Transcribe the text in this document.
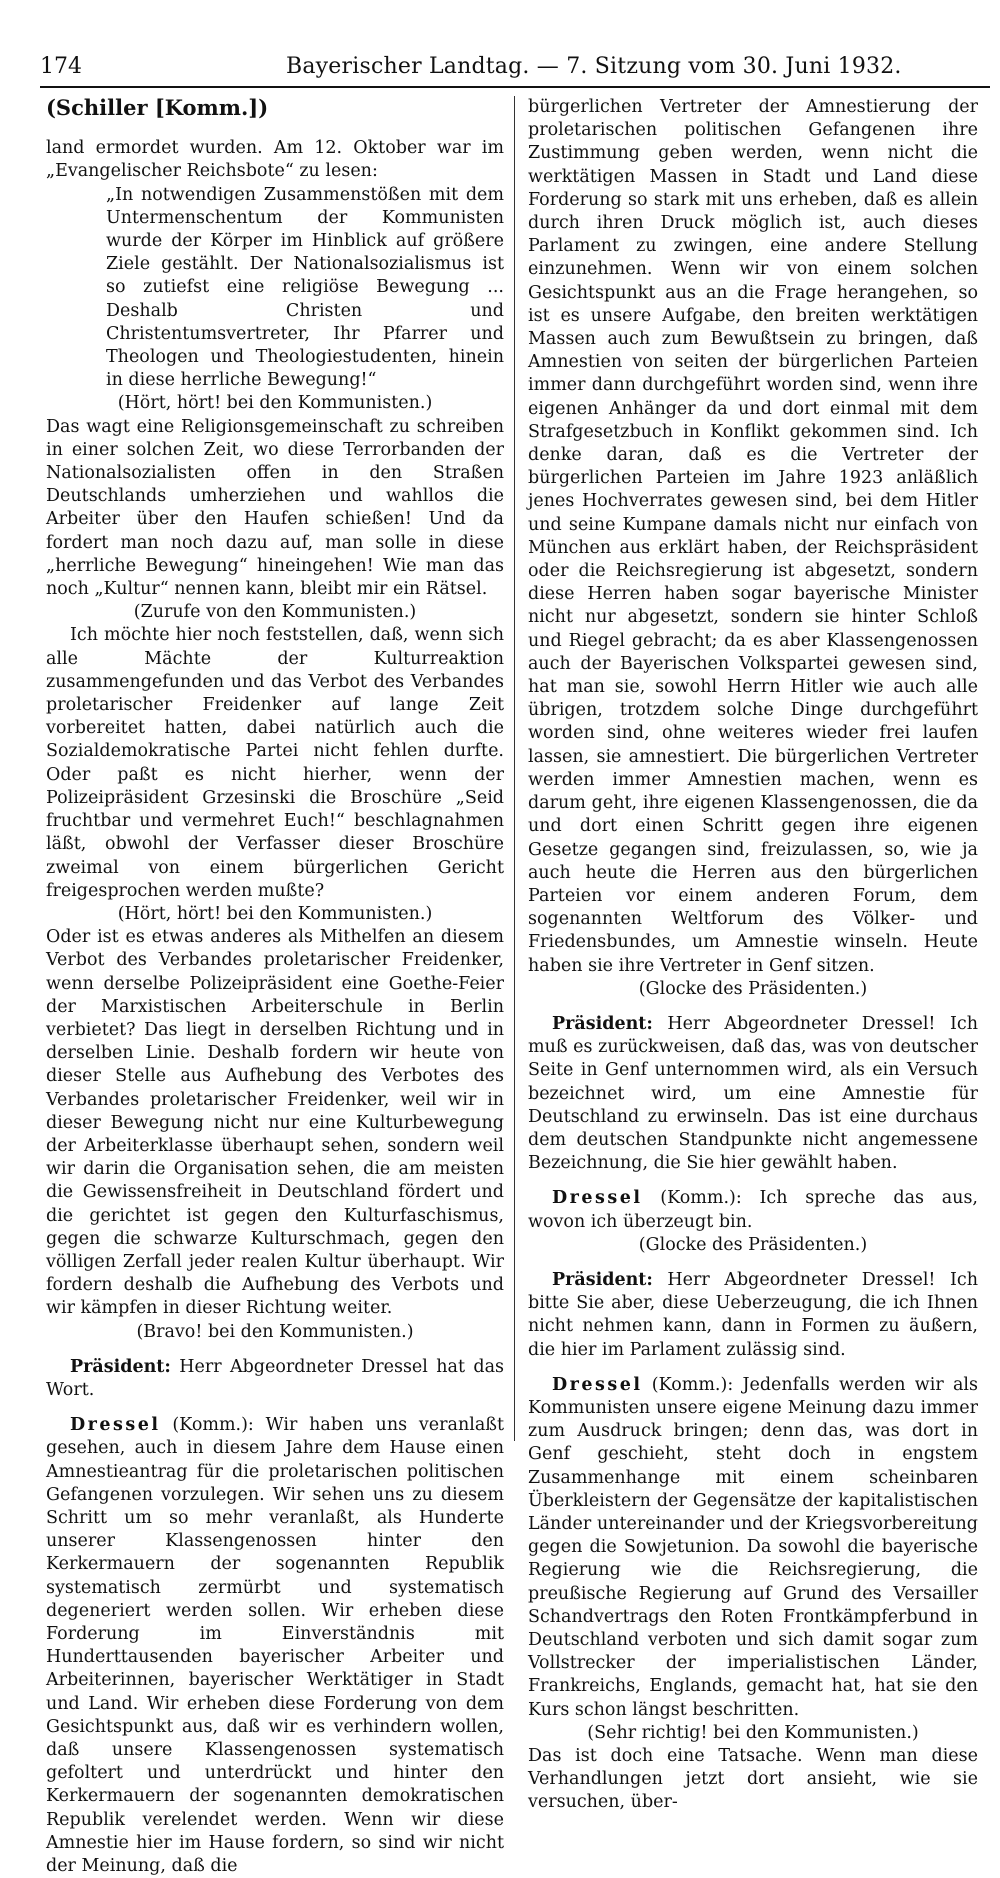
174	Bayerischer Landtag. — 7. Sitzung vom 30. Juni 1932.

(Schiller [Komm.])

land ermordet wurden. Am 12. Oktober war im „Evangelischer Reichsbote“ zu lesen:

„In notwendigen Zusammenstößen mit dem Untermenschentum der Kommunisten wurde der Körper im Hinblick auf größere Ziele gestählt. Der Nationalsozialismus ist so zutiefst eine religiöse Bewegung ... Deshalb Christen und Christentumsvertreter, Ihr Pfarrer und Theologen und Theologiestudenten, hinein in diese herrliche Bewegung!“

(Hört, hört! bei den Kommunisten.)

Das wagt eine Religionsgemeinschaft zu schreiben in einer solchen Zeit, wo diese Terrorbanden der Nationalsozialisten offen in den Straßen Deutschlands umherziehen und wahllos die Arbeiter über den Haufen schießen! Und da fordert man noch dazu auf, man solle in diese „herrliche Bewegung“ hineingehen! Wie man das noch „Kultur“ nennen kann, bleibt mir ein Rätsel.

(Zurufe von den Kommunisten.)

Ich möchte hier noch feststellen, daß, wenn sich alle Mächte der Kulturreaktion zusammengefunden und das Verbot des Verbandes proletarischer Freidenker auf lange Zeit vorbereitet hatten, dabei natürlich auch die Sozialdemokratische Partei nicht fehlen durfte. Oder paßt es nicht hierher, wenn der Polizeipräsident Grzesinski die Broschüre „Seid fruchtbar und vermehret Euch!“ beschlagnahmen läßt, obwohl der Verfasser dieser Broschüre zweimal von einem bürgerlichen Gericht freigesprochen werden mußte?

(Hört, hört! bei den Kommunisten.)

Oder ist es etwas anderes als Mithelfen an diesem Verbot des Verbandes proletarischer Freidenker, wenn derselbe Polizeipräsident eine Goethe-Feier der Marxistischen Arbeiterschule in Berlin verbietet? Das liegt in derselben Richtung und in derselben Linie. Deshalb fordern wir heute von dieser Stelle aus Aufhebung des Verbotes des Verbandes proletarischer Freidenker, weil wir in dieser Bewegung nicht nur eine Kulturbewegung der Arbeiterklasse überhaupt sehen, sondern weil wir darin die Organisation sehen, die am meisten die Gewissensfreiheit in Deutschland fördert und die gerichtet ist gegen den Kulturfaschismus, gegen die schwarze Kulturschmach, gegen den völligen Zerfall jeder realen Kultur überhaupt. Wir fordern deshalb die Aufhebung des Verbots und wir kämpfen in dieser Richtung weiter.

(Bravo! bei den Kommunisten.)

Präsident: Herr Abgeordneter Dressel hat das Wort.

Dressel (Komm.): Wir haben uns veranlaßt gesehen, auch in diesem Jahre dem Hause einen Amnestieantrag für die proletarischen politischen Gefangenen vorzulegen. Wir sehen uns zu diesem Schritt um so mehr veranlaßt, als Hunderte unserer Klassengenossen hinter den Kerkermauern der sogenannten Republik systematisch zermürbt und systematisch degeneriert werden sollen. Wir erheben diese Forderung im Einverständnis mit Hunderttausenden bayerischer Arbeiter und Arbeiterinnen, bayerischer Werktätiger in Stadt und Land. Wir erheben diese Forderung von dem Gesichtspunkt aus, daß wir es verhindern wollen, daß unsere Klassengenossen systematisch gefoltert und unterdrückt und hinter den Kerkermauern der sogenannten demokratischen Republik verelendet werden. Wenn wir diese Amnestie hier im Hause fordern, so sind wir nicht der Meinung, daß die

bürgerlichen Vertreter der Amnestierung der proletarischen politischen Gefangenen ihre Zustimmung geben werden, wenn nicht die werktätigen Massen in Stadt und Land diese Forderung so stark mit uns erheben, daß es allein durch ihren Druck möglich ist, auch dieses Parlament zu zwingen, eine andere Stellung einzunehmen. Wenn wir von einem solchen Gesichtspunkt aus an die Frage herangehen, so ist es unsere Aufgabe, den breiten werktätigen Massen auch zum Bewußtsein zu bringen, daß Amnestien von seiten der bürgerlichen Parteien immer dann durchgeführt worden sind, wenn ihre eigenen Anhänger da und dort einmal mit dem Strafgesetzbuch in Konflikt gekommen sind. Ich denke daran, daß es die Vertreter der bürgerlichen Parteien im Jahre 1923 anläßlich jenes Hochverrates gewesen sind, bei dem Hitler und seine Kumpane damals nicht nur einfach von München aus erklärt haben, der Reichspräsident oder die Reichsregierung ist abgesetzt, sondern diese Herren haben sogar bayerische Minister nicht nur abgesetzt, sondern sie hinter Schloß und Riegel gebracht; da es aber Klassengenossen auch der Bayerischen Volkspartei gewesen sind, hat man sie, sowohl Herrn Hitler wie auch alle übrigen, trotzdem solche Dinge durchgeführt worden sind, ohne weiteres wieder frei laufen lassen, sie amnestiert. Die bürgerlichen Vertreter werden immer Amnestien machen, wenn es darum geht, ihre eigenen Klassengenossen, die da und dort einen Schritt gegen ihre eigenen Gesetze gegangen sind, freizulassen, so, wie ja auch heute die Herren aus den bürgerlichen Parteien vor einem anderen Forum, dem sogenannten Weltforum des Völker- und Friedensbundes, um Amnestie winseln. Heute haben sie ihre Vertreter in Genf sitzen.

(Glocke des Präsidenten.)

Präsident: Herr Abgeordneter Dressel! Ich muß es zurückweisen, daß das, was von deutscher Seite in Genf unternommen wird, als ein Versuch bezeichnet wird, um eine Amnestie für Deutschland zu erwinseln. Das ist eine durchaus dem deutschen Standpunkte nicht angemessene Bezeichnung, die Sie hier gewählt haben.

Dressel (Komm.): Ich spreche das aus, wovon ich überzeugt bin.

(Glocke des Präsidenten.)

Präsident: Herr Abgeordneter Dressel! Ich bitte Sie aber, diese Ueberzeugung, die ich Ihnen nicht nehmen kann, dann in Formen zu äußern, die hier im Parlament zulässig sind.

Dressel (Komm.): Jedenfalls werden wir als Kommunisten unsere eigene Meinung dazu immer zum Ausdruck bringen; denn das, was dort in Genf geschieht, steht doch in engstem Zusammenhange mit einem scheinbaren Überkleistern der Gegensätze der kapitalistischen Länder untereinander und der Kriegsvorbereitung gegen die Sowjetunion. Da sowohl die bayerische Regierung wie die Reichsregierung, die preußische Regierung auf Grund des Versailler Schandvertrags den Roten Frontkämpferbund in Deutschland verboten und sich damit sogar zum Vollstrecker der imperialistischen Länder, Frankreichs, Englands, gemacht hat, hat sie den Kurs schon längst beschritten.

(Sehr richtig! bei den Kommunisten.)

Das ist doch eine Tatsache. Wenn man diese Verhandlungen jetzt dort ansieht, wie sie versuchen, über-
